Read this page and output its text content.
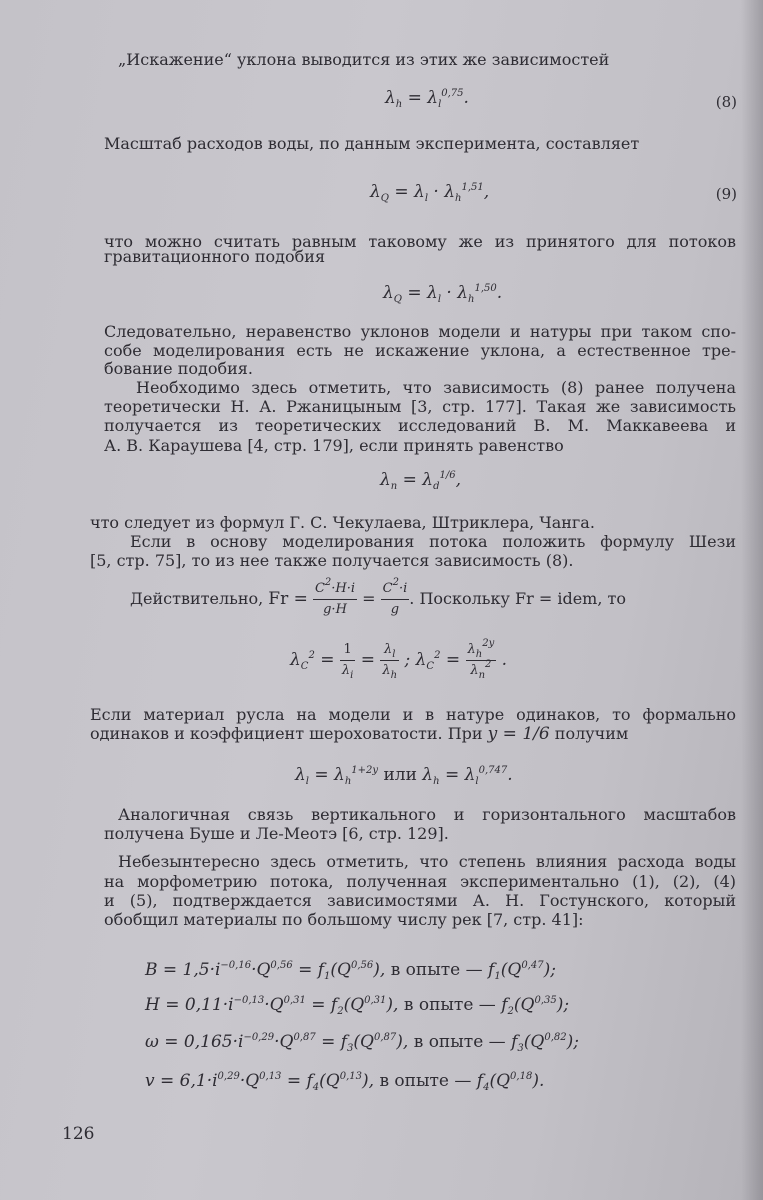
„Искажение“ уклона выводится из этих же зависимостей
$\lambda_h = \lambda_l^{0,75}$.	(8)
Масштаб расходов воды, по данным эксперимента, составляет
$\lambda_Q = \lambda_l \cdot \lambda_h^{1,51}$,	(9)
что можно считать равным таковому же из принятого для потоков
гравитационного подобия
$\lambda_Q = \lambda_l \cdot \lambda_h^{1,50}$.
Следовательно, неравенство уклонов модели и натуры при таком спо-
собе моделирования есть не искажение уклона, а естественное тре-
бование подобия.
Необходимо здесь отметить, что зависимость (8) ранее получена
теоретически Н. А. Ржаницыным [3, стр. 177]. Такая же зависимость
получается из теоретических исследований В. М. Маккавеева и
А. В. Караушева [4, стр. 179], если принять равенство
$\lambda_n = \lambda_d^{1/6}$,
что следует из формул Г. С. Чекулаева, Штриклера, Чанга.
Если в основу моделирования потока положить формулу Шези
[5, стр. 75], то из нее также получается зависимость (8).
Действительно, $Fr = \frac{C^2\cdot H\cdot i}{g\cdot H} = \frac{C^2\cdot i}{g}$ . Поскольку Fr = idem, то
$\lambda_C^2 = \frac{1}{\lambda_i} = \frac{\lambda_l}{\lambda_h}$ ; $\lambda_C^2 = \frac{\lambda_h^{2y}}{\lambda_n^2}$ .
Если материал русла на модели и в натуре одинаков, то формально
одинаков и коэффициент шероховатости. При y = 1/6 получим
$\lambda_l = \lambda_h^{1+2y}$ или $\lambda_h = \lambda_l^{0,747}$.
Аналогичная связь вертикального и горизонтального масштабов
получена Буше и Ле-Меотэ [6, стр. 129].
Небезынтересно здесь отметить, что степень влияния расхода воды
на морфометрию потока, полученная экспериментально (1), (2), (4)
и (5), подтверждается зависимостями А. Н. Гостунского, который
обобщил материалы по большому числу рек [7, стр. 41]:
$B = 1,5\cdot i^{-0,16}\cdot Q^{0,56} = f_1(Q^{0,56})$, в опыте — $f_1(Q^{0,47})$;
$H = 0,11\cdot i^{-0,13}\cdot Q^{0,31} = f_2(Q^{0,31})$, в опыте — $f_2(Q^{0,35})$;
$\omega = 0,165\cdot i^{-0,29}\cdot Q^{0,87} = f_3(Q^{0,87})$, в опыте — $f_3(Q^{0,82})$;
$v = 6,1\cdot i^{0,29}\cdot Q^{0,13} = f_4(Q^{0,13})$, в опыте — $f_4(Q^{0,18})$.
126
